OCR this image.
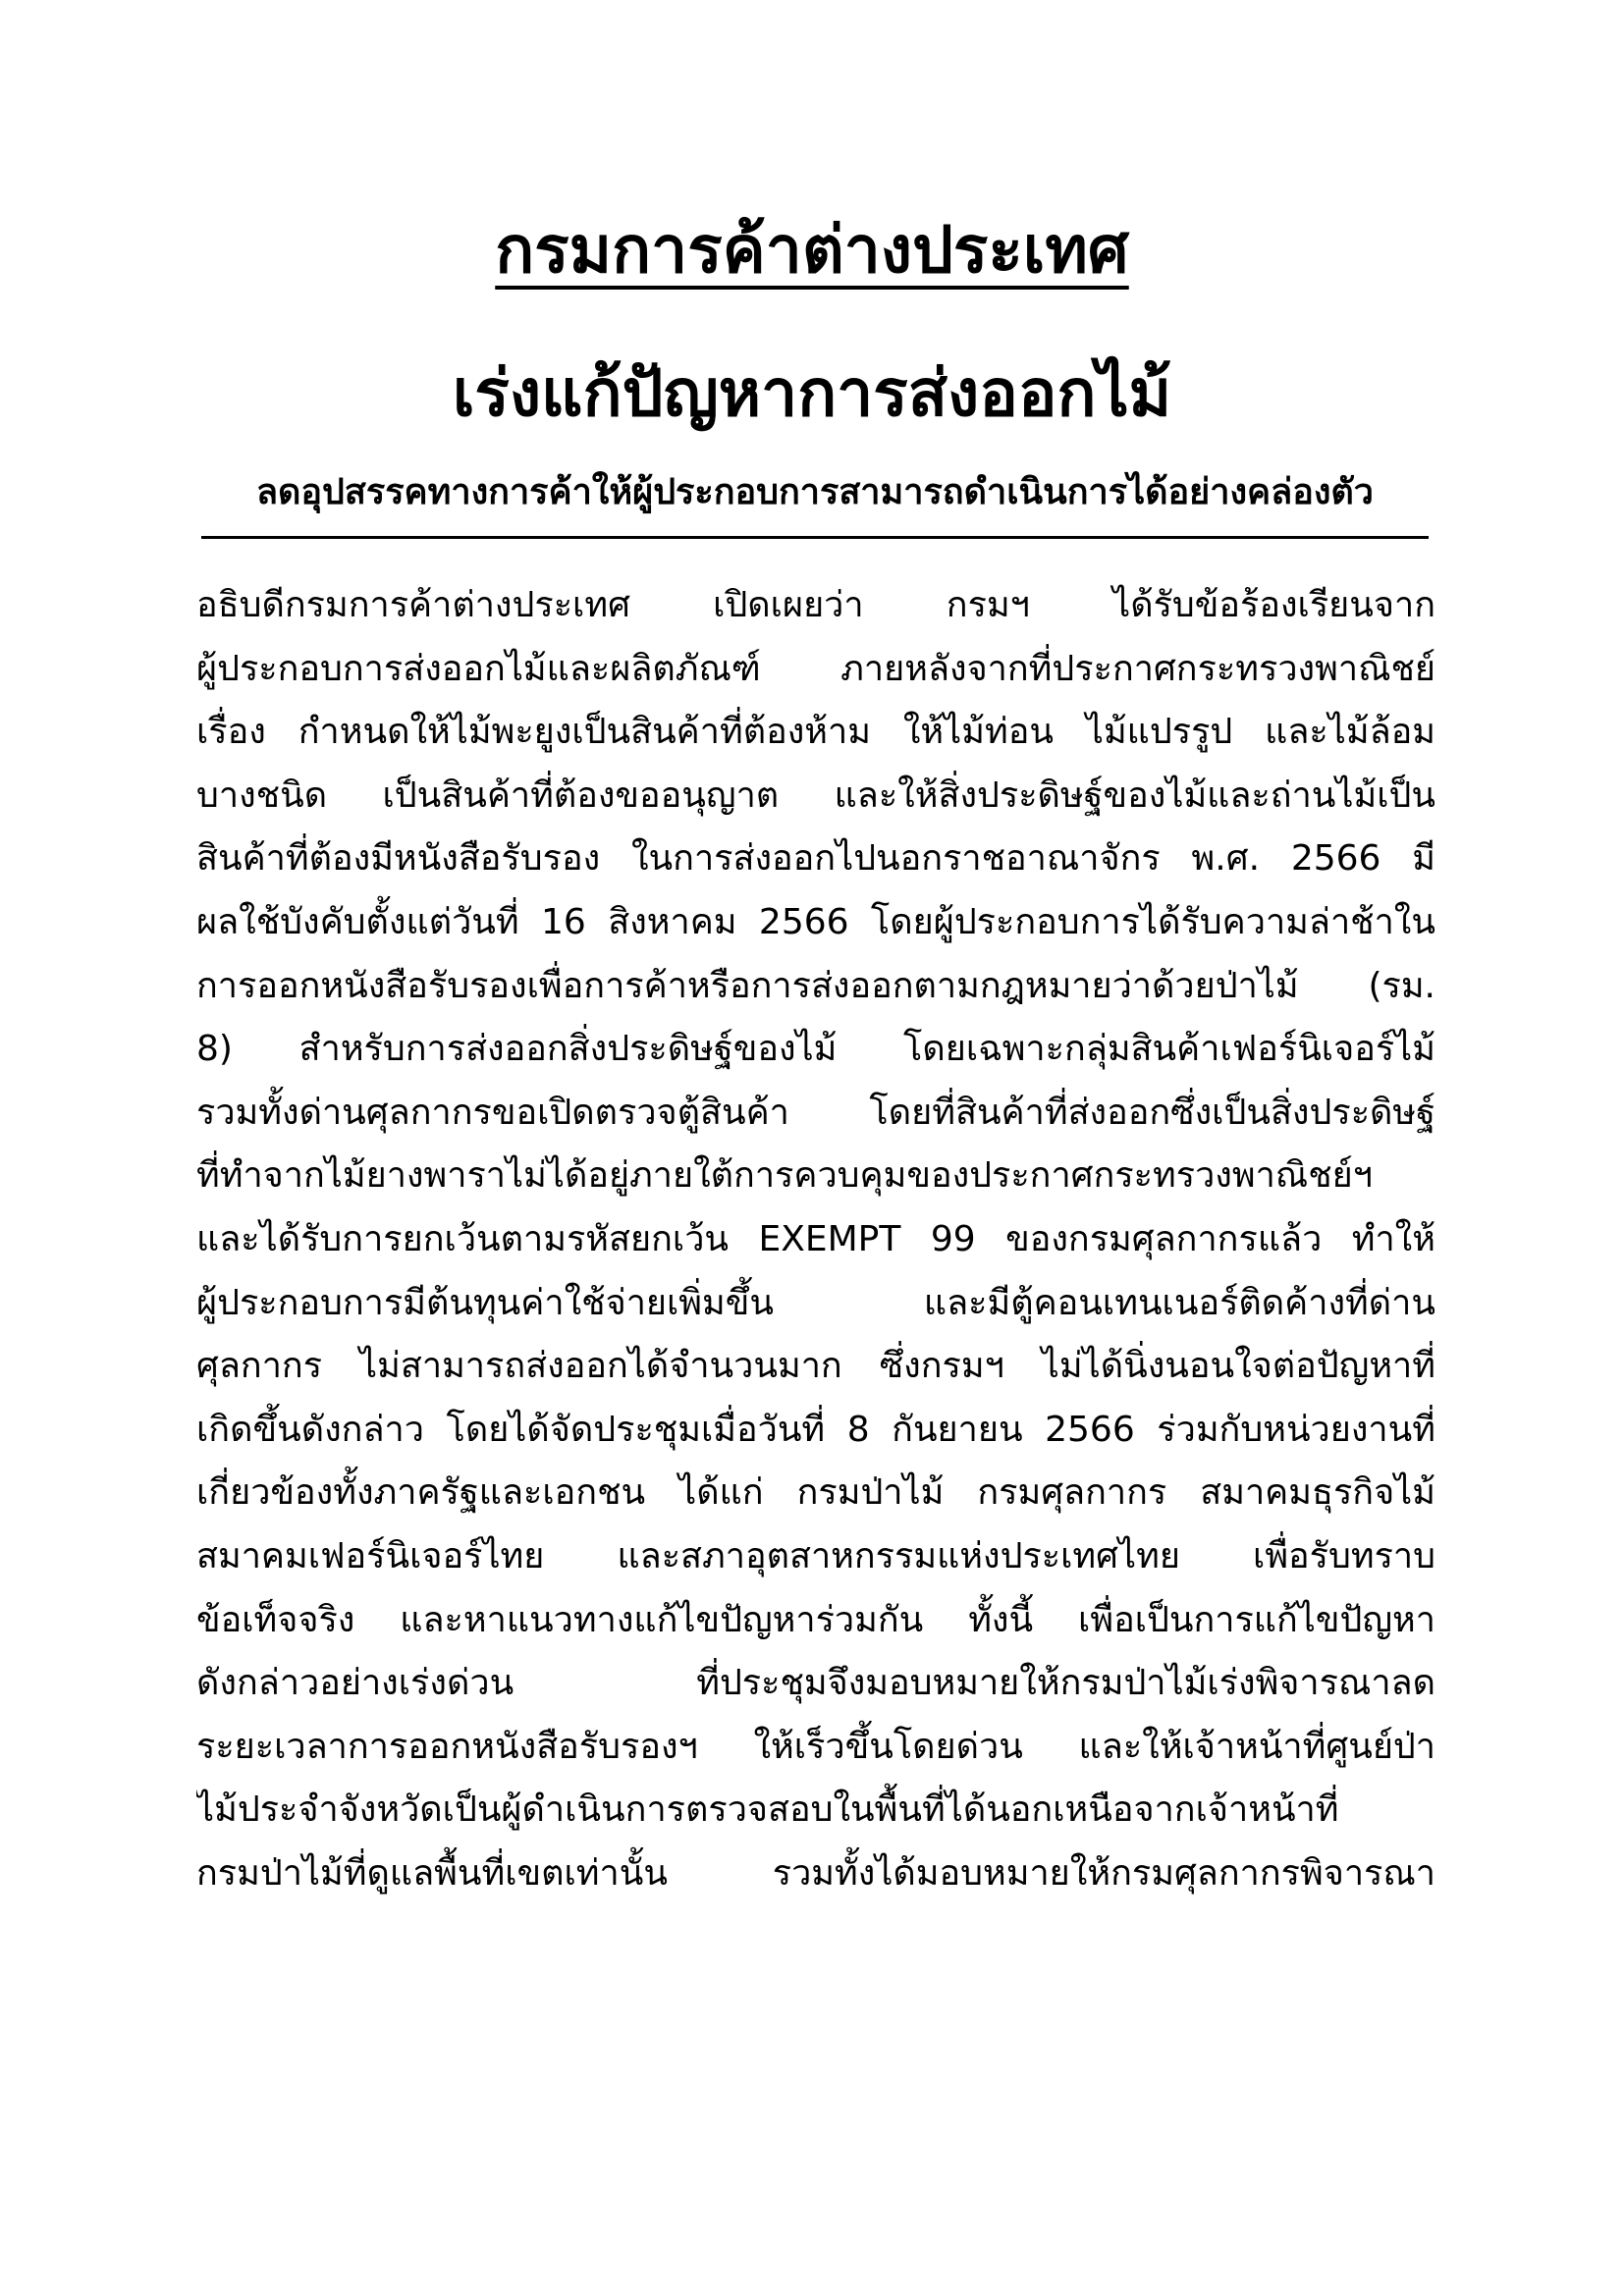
กรมการค้าต่างประเทศ
เร่งแก้ปัญหาการส่งออกไม้
ลดอุปสรรคทางการค้าให้ผู้ประกอบการสามารถดำเนินการได้อย่างคล่องตัว
อธิบดีกรมการค้าต่างประเทศ เปิดเผยว่า กรมฯ ได้รับข้อร้องเรียนจาก
ผู้ประกอบการส่งออกไม้และผลิตภัณฑ์ ภายหลังจากที่ประกาศกระทรวงพาณิชย์
เรื่อง กำหนดให้ไม้พะยูงเป็นสินค้าที่ต้องห้าม ให้ไม้ท่อน ไม้แปรรูป และไม้ล้อม
บางชนิด เป็นสินค้าที่ต้องขออนุญาต และให้สิ่งประดิษฐ์ของไม้และถ่านไม้เป็น
สินค้าที่ต้องมีหนังสือรับรอง ในการส่งออกไปนอกราชอาณาจักร พ.ศ. 2566 มี
ผลใช้บังคับตั้งแต่วันที่ 16 สิงหาคม 2566 โดยผู้ประกอบการได้รับความล่าช้าใน
การออกหนังสือรับรองเพื่อการค้าหรือการส่งออกตามกฎหมายว่าด้วยป่าไม้ (รม.
8) สำหรับการส่งออกสิ่งประดิษฐ์ของไม้ โดยเฉพาะกลุ่มสินค้าเฟอร์นิเจอร์ไม้
รวมทั้งด่านศุลกากรขอเปิดตรวจตู้สินค้า โดยที่สินค้าที่ส่งออกซึ่งเป็นสิ่งประดิษฐ์
ที่ทำจากไม้ยางพาราไม่ได้อยู่ภายใต้การควบคุมของประกาศกระทรวงพาณิชย์ฯ
และได้รับการยกเว้นตามรหัสยกเว้น EXEMPT 99 ของกรมศุลกากรแล้ว ทำให้
ผู้ประกอบการมีต้นทุนค่าใช้จ่ายเพิ่มขึ้น และมีตู้คอนเทนเนอร์ติดค้างที่ด่าน
ศุลกากร ไม่สามารถส่งออกได้จำนวนมาก ซึ่งกรมฯ ไม่ได้นิ่งนอนใจต่อปัญหาที่
เกิดขึ้นดังกล่าว โดยได้จัดประชุมเมื่อวันที่ 8 กันยายน 2566 ร่วมกับหน่วยงานที่
เกี่ยวข้องทั้งภาครัฐและเอกชน ได้แก่ กรมป่าไม้ กรมศุลกากร สมาคมธุรกิจไม้
สมาคมเฟอร์นิเจอร์ไทย และสภาอุตสาหกรรมแห่งประเทศไทย เพื่อรับทราบ
ข้อเท็จจริง และหาแนวทางแก้ไขปัญหาร่วมกัน ทั้งนี้ เพื่อเป็นการแก้ไขปัญหา
ดังกล่าวอย่างเร่งด่วน ที่ประชุมจึงมอบหมายให้กรมป่าไม้เร่งพิจารณาลด
ระยะเวลาการออกหนังสือรับรองฯ ให้เร็วขึ้นโดยด่วน และให้เจ้าหน้าที่ศูนย์ป่า
ไม้ประจำจังหวัดเป็นผู้ดำเนินการตรวจสอบในพื้นที่ได้นอกเหนือจากเจ้าหน้าที่
กรมป่าไม้ที่ดูแลพื้นที่เขตเท่านั้น รวมทั้งได้มอบหมายให้กรมศุลกากรพิจารณา
